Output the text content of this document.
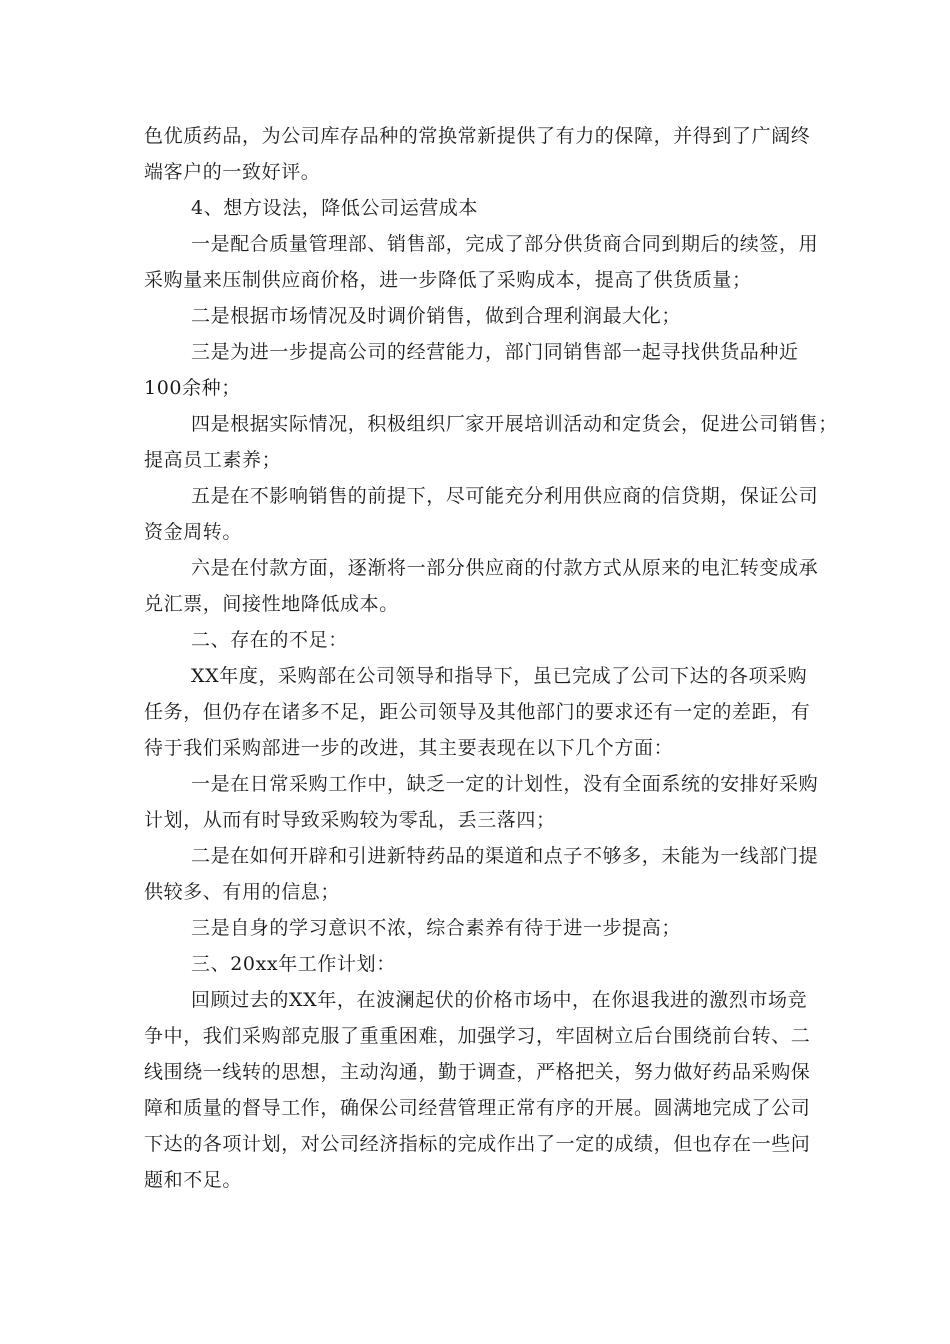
色优质药品，为公司库存品种的常换常新提供了有力的保障，并得到了广阔终
端客户的一致好评。
4、想方设法，降低公司运营成本
一是配合质量管理部、销售部，完成了部分供货商合同到期后的续签，用
采购量来压制供应商价格，进一步降低了采购成本，提高了供货质量；
二是根据市场情况及时调价销售，做到合理利润最大化；
三是为进一步提高公司的经营能力，部门同销售部一起寻找供货品种近
100余种；
四是根据实际情况，积极组织厂家开展培训活动和定货会，促进公司销售；
提高员工素养；
五是在不影响销售的前提下，尽可能充分利用供应商的信贷期，保证公司
资金周转。
六是在付款方面，逐渐将一部分供应商的付款方式从原来的电汇转变成承
兑汇票，间接性地降低成本。
二、存在的不足：
XX年度，采购部在公司领导和指导下，虽已完成了公司下达的各项采购
任务，但仍存在诸多不足，距公司领导及其他部门的要求还有一定的差距，有
待于我们采购部进一步的改进，其主要表现在以下几个方面：
一是在日常采购工作中，缺乏一定的计划性，没有全面系统的安排好采购
计划，从而有时导致采购较为零乱，丢三落四；
二是在如何开辟和引进新特药品的渠道和点子不够多，未能为一线部门提
供较多、有用的信息；
三是自身的学习意识不浓，综合素养有待于进一步提高；
三、20xx年工作计划：
回顾过去的XX年，在波澜起伏的价格市场中，在你退我进的激烈市场竞
争中，我们采购部克服了重重困难，加强学习，牢固树立后台围绕前台转、二
线围绕一线转的思想，主动沟通，勤于调查，严格把关，努力做好药品采购保
障和质量的督导工作，确保公司经营管理正常有序的开展。圆满地完成了公司
下达的各项计划，对公司经济指标的完成作出了一定的成绩，但也存在一些问
题和不足。
